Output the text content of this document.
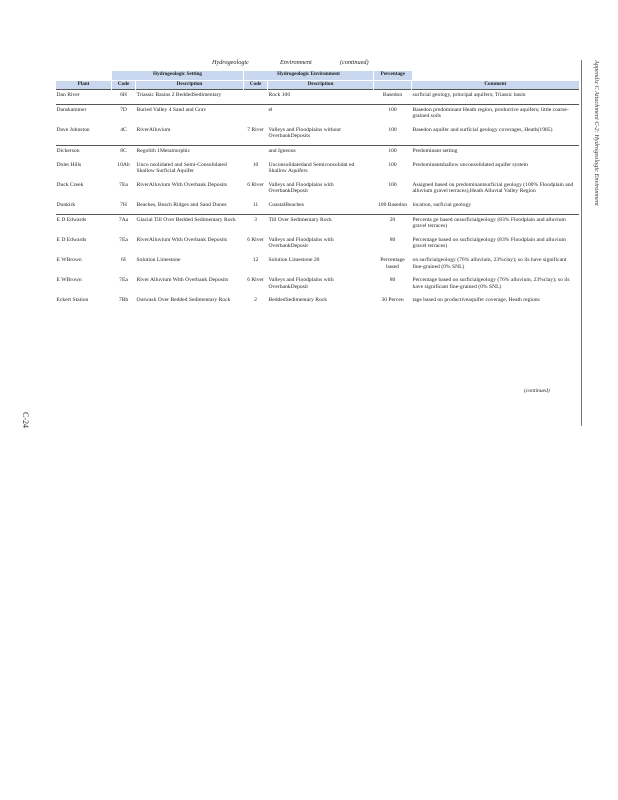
Hydrogeologic	Environment	(continued)
	Hydrogeologic Setting		Hydrogeologic Environment		Percentage	
Plant	Code	Description	Code	Description		Comment
Dan River	6H	Triassic Basins 2 BeddedSedimentary		Rock 100	Basedon	surficial geology, principal aquifers; Triassic basin
Danskammer	7D	Buried Valley 4 Sand and Grav		el	100	Basedon predominant Heath region, productive aquifers; little coarse-grained soils
Dave Johnston	4C	RiverAlluvium	7 River	Valleys and Floodplains without OverbankDeposits	100	Basedon aquifer and surficial geology coverages, Heath(1985)
Dickerson	8C	Regolith 1Metamorphic		and Igneous	100	Predominant setting
Dolet Hills	10Ab	Unco nsolidated and Semi-Consolidated Shallow Surficial Aquifer	10	Unconsolidatedand Semiconsolidat ed Shallow Aquifers	100	Predominantshallow unconsolidated aquifer system
Duck Creek	7Ea	RiverAlluvium With Overbank Deposits	6 River	Valleys and Floodplains with OverbankDeposit	100	Assigned based on predominantsurficial geology (100% Floodplain and alluvium gravel terraces),Heath Alluvial Valley Region
Dunkirk	7H	Beaches, Beach Ridges and Sand Dunes	11	CoastalBeaches	100 Basedon	location, surficial geology
E D Edwards	7Aa	Glacial Till Over Bedded Sedimentary Rock	3	Till Over Sedimentary Rock	20	Percenta ge based onsurficialgeology (83% Floodplain and alluvium gravel terraces)
E D Edwards	7Ea	RiverAlluvium With Overbank Deposits	6 River	Valleys and Floodplains with OverbankDeposit	80	Percentage based on surficialgeology (83% Floodplain and alluvium gravel terraces)
E WBrown	6I	Solution Limestone	12	Solution Limestone 20	Percentage based	on surficialgeology (76% alluvium, 23%clay); so ils have significant fine-grained (0% SNL)
E WBrown	7Ea	River Alluvium With Overbank Deposits	6 River	Valleys and Floodplains with OverbankDeposit	80	Percentage based on surficialgeology (76% alluvium, 23%clay); so ils have significant fine-grained (0% SNL)
Eckert Station	7Bb	Outwash Over Bedded Sedimentary Rock	2	BeddedSedimentary Rock	30 Percen	tage based on productiveaquifer coverage, Heath regions
(continued)
Appendix C Attachment C-2: Hydrogeologic Environment
C-24
